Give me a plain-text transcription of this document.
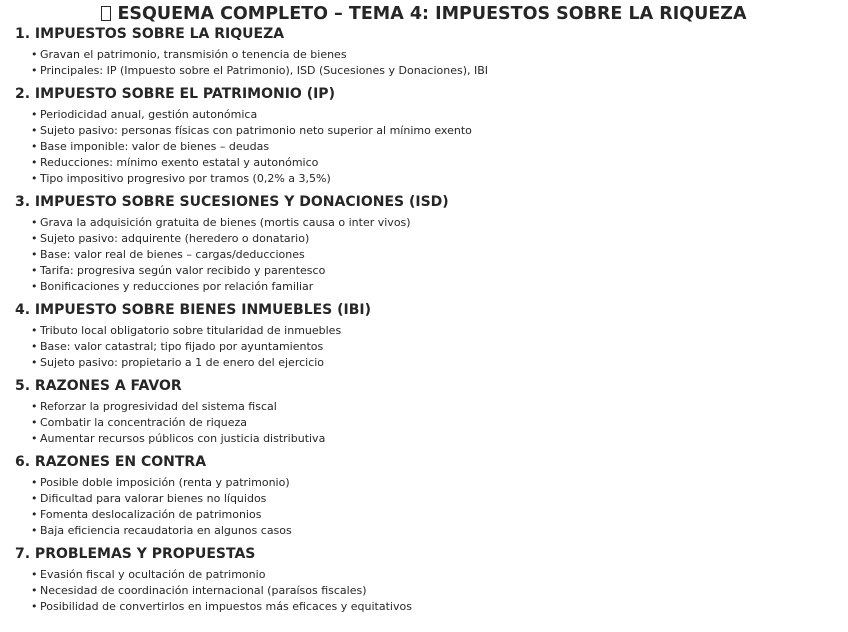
ESQUEMA COMPLETO – TEMA 4: IMPUESTOS SOBRE LA RIQUEZA
1. IMPUESTOS SOBRE LA RIQUEZA
• Gravan el patrimonio, transmisión o tenencia de bienes
• Principales: IP (Impuesto sobre el Patrimonio), ISD (Sucesiones y Donaciones), IBI
2. IMPUESTO SOBRE EL PATRIMONIO (IP)
• Periodicidad anual, gestión autonómica
• Sujeto pasivo: personas físicas con patrimonio neto superior al mínimo exento
• Base imponible: valor de bienes – deudas
• Reducciones: mínimo exento estatal y autonómico
• Tipo impositivo progresivo por tramos (0,2% a 3,5%)
3. IMPUESTO SOBRE SUCESIONES Y DONACIONES (ISD)
• Grava la adquisición gratuita de bienes (mortis causa o inter vivos)
• Sujeto pasivo: adquirente (heredero o donatario)
• Base: valor real de bienes – cargas/deducciones
• Tarifa: progresiva según valor recibido y parentesco
• Bonificaciones y reducciones por relación familiar
4. IMPUESTO SOBRE BIENES INMUEBLES (IBI)
• Tributo local obligatorio sobre titularidad de inmuebles
• Base: valor catastral; tipo fijado por ayuntamientos
• Sujeto pasivo: propietario a 1 de enero del ejercicio
5. RAZONES A FAVOR
• Reforzar la progresividad del sistema fiscal
• Combatir la concentración de riqueza
• Aumentar recursos públicos con justicia distributiva
6. RAZONES EN CONTRA
• Posible doble imposición (renta y patrimonio)
• Dificultad para valorar bienes no líquidos
• Fomenta deslocalización de patrimonios
• Baja eficiencia recaudatoria en algunos casos
7. PROBLEMAS Y PROPUESTAS
• Evasión fiscal y ocultación de patrimonio
• Necesidad de coordinación internacional (paraísos fiscales)
• Posibilidad de convertirlos en impuestos más eficaces y equitativos
